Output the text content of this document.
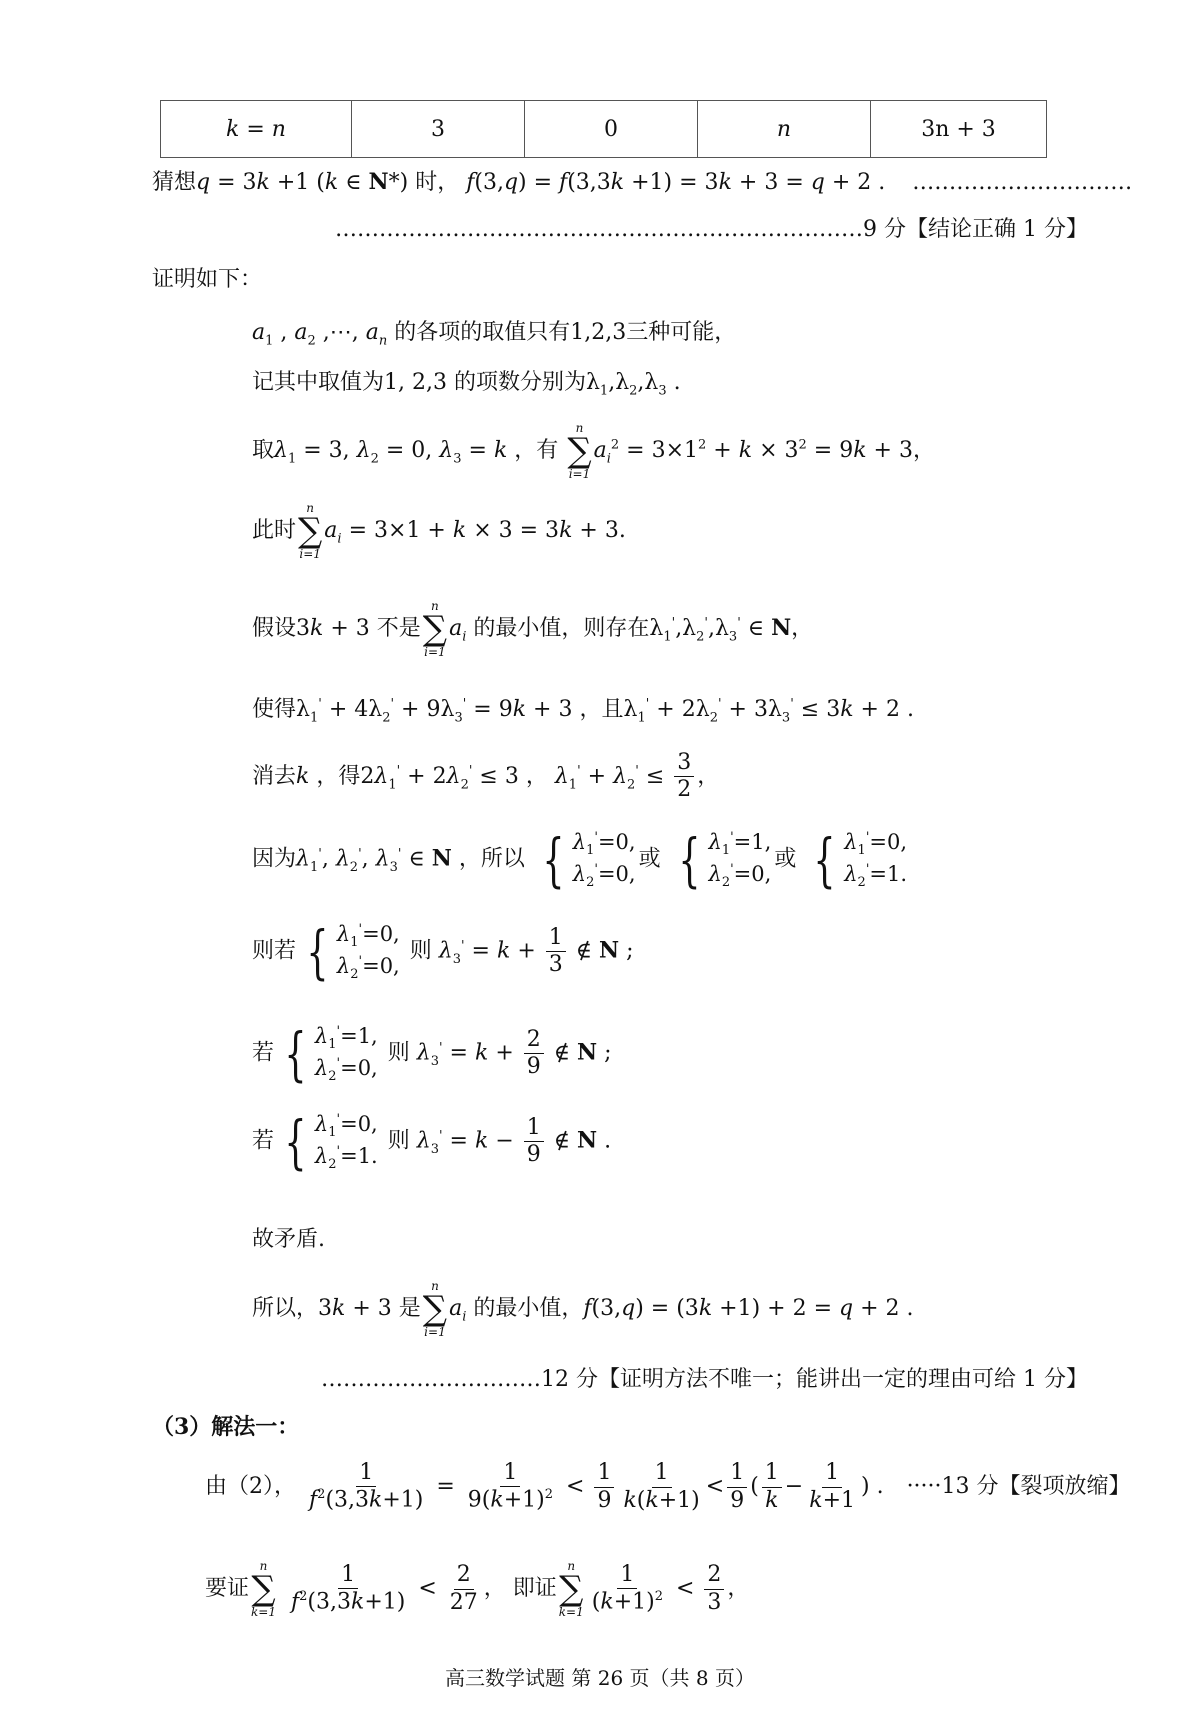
k = n	3	0	n	3n + 3
猜想q = 3k +1 (k ∈ N*) 时， f(3,q) = f(3,3k +1) = 3k + 3 = q + 2 . …………………………
………………………………………………………………9 分【结论正确 1 分】
证明如下：
$a_1$ , $a_2$ ,⋯, $a_n$ 的各项的取值只有1,2,3三种可能，
记其中取值为1, 2,3 的项数分别为$\lambda_1,\lambda_2,\lambda_3$ .
取$\lambda_1 = 3$, $\lambda_2 = 0$, $\lambda_3 = k$ ，有
n
∑
i=1
$a_i^2 = 3\times 1^2 + k \times 3^2 = 9k + 3$，
此时
n
∑
i=1
$a_i = 3\times 1 + k \times 3 = 3k + 3$.
假设3k + 3 不是
n
∑
i=1
$a_i$ 的最小值，则存在$\lambda_1',\lambda_2',\lambda_3'$ ∈ N，
使得$\lambda_1' + 4\lambda_2' + 9\lambda_3' = 9k + 3$ ，且$\lambda_1' + 2\lambda_2' + 3\lambda_3' \le 3k + 2$ .
消去k ，得$2\lambda_1' + 2\lambda_2' \le 3$ ， $\lambda_1' + \lambda_2' \le \frac{3}{2}$ ，
因为$\lambda_1'$, $\lambda_2'$, $\lambda_3'$ ∈ N ，所以 { $\lambda_1'=0$,
$\lambda_2'=0$,
或 { $\lambda_1'=1$,
$\lambda_2'=0$,
或 { $\lambda_1'=0$,
$\lambda_2'=1$.
则若 { $\lambda_1'=0$,
$\lambda_2'=0$,
则 $\lambda_3' = k + \frac{1}{3}$ ∉ N ;
若 { $\lambda_1'=1$,
$\lambda_2'=0$,
则 $\lambda_3' = k + \frac{2}{9}$ ∉ N ;
若 { $\lambda_1'=0$,
$\lambda_2'=1$.
则 $\lambda_3' = k - \frac{1}{9}$ ∉ N .
故矛盾.
所以，3k + 3 是
n
∑
i=1
$a_i$ 的最小值，f(3,q) = (3k +1) + 2 = q + 2 .
…………………………12 分【证明方法不唯一；能讲出一定的理由可给 1 分】
（3）解法一：
由（2）， $\frac{1}{f^2(3,3k+1)} = \frac{1}{9(k+1)^2} < \frac{1}{9} \frac{1}{k(k+1)} < \frac{1}{9}$ ( $\frac{1}{k} - \frac{1}{k+1}$ ) . ·····13 分【裂项放缩】
要证
n
∑
k=1
$\frac{1}{f^2(3,3k+1)} < \frac{2}{27}$ ， 即证
n
∑
$k=1 \frac{1}{(k+1)^2} < \frac{2}{3}$ ，
高三数学试题 第 26 页（共 8 页）
